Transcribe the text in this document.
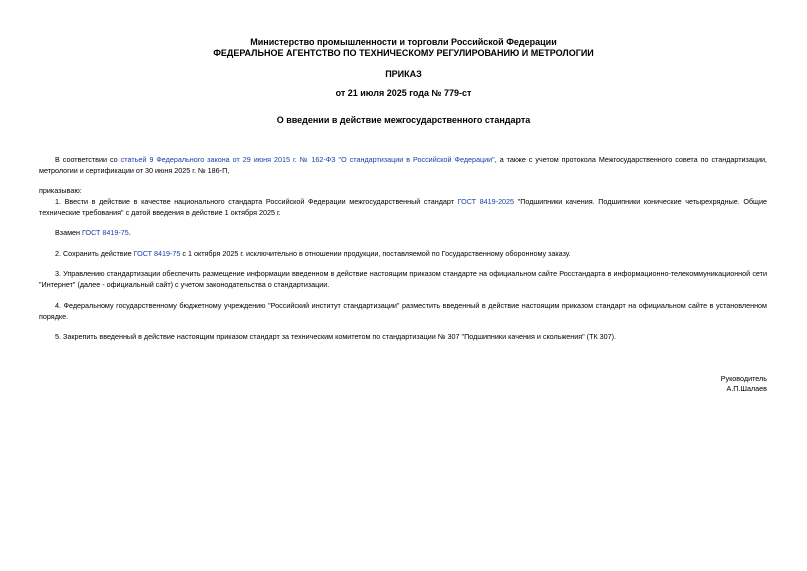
Министерство промышленности и торговли Российской Федерации
ФЕДЕРАЛЬНОЕ АГЕНТСТВО ПО ТЕХНИЧЕСКОМУ РЕГУЛИРОВАНИЮ И МЕТРОЛОГИИ
ПРИКАЗ
от 21 июля 2025 года № 779-ст
О введении в действие межгосударственного стандарта
В соответствии со статьей 9 Федерального закона от 29 июня 2015 г. № 162-ФЗ "О стандартизации в Российской Федерации", а также с учетом протокола Межгосударственного совета по стандартизации, метрологии и сертификации от 30 июня 2025 г. № 186-П,
приказываю:
1. Ввести в действие в качестве национального стандарта Российской Федерации межгосударственный стандарт ГОСТ 8419-2025 "Подшипники качения. Подшипники конические четырехрядные. Общие технические требования" с датой введения в действие 1 октября 2025 г.
Взамен ГОСТ 8419-75.
2. Сохранить действие ГОСТ 8419-75 с 1 октября 2025 г. исключительно в отношении продукции, поставляемой по Государственному оборонному заказу.
3. Управлению стандартизации обеспечить размещение информации введенном в действие настоящим приказом стандарте на официальном сайте Росстандарта в информационно-телекоммуникационной сети "Интернет" (далее - официальный сайт) с учетом законодательства о стандартизации.
4. Федеральному государственному бюджетному учреждению "Российский институт стандартизации" разместить введенный в действие настоящим приказом стандарт на официальном сайте в установленном порядке.
5. Закрепить введенный в действие настоящим приказом стандарт за техническим комитетом по стандартизации № 307 "Подшипники качения и скольжения" (ТК 307).
Руководитель
А.П.Шалаев
